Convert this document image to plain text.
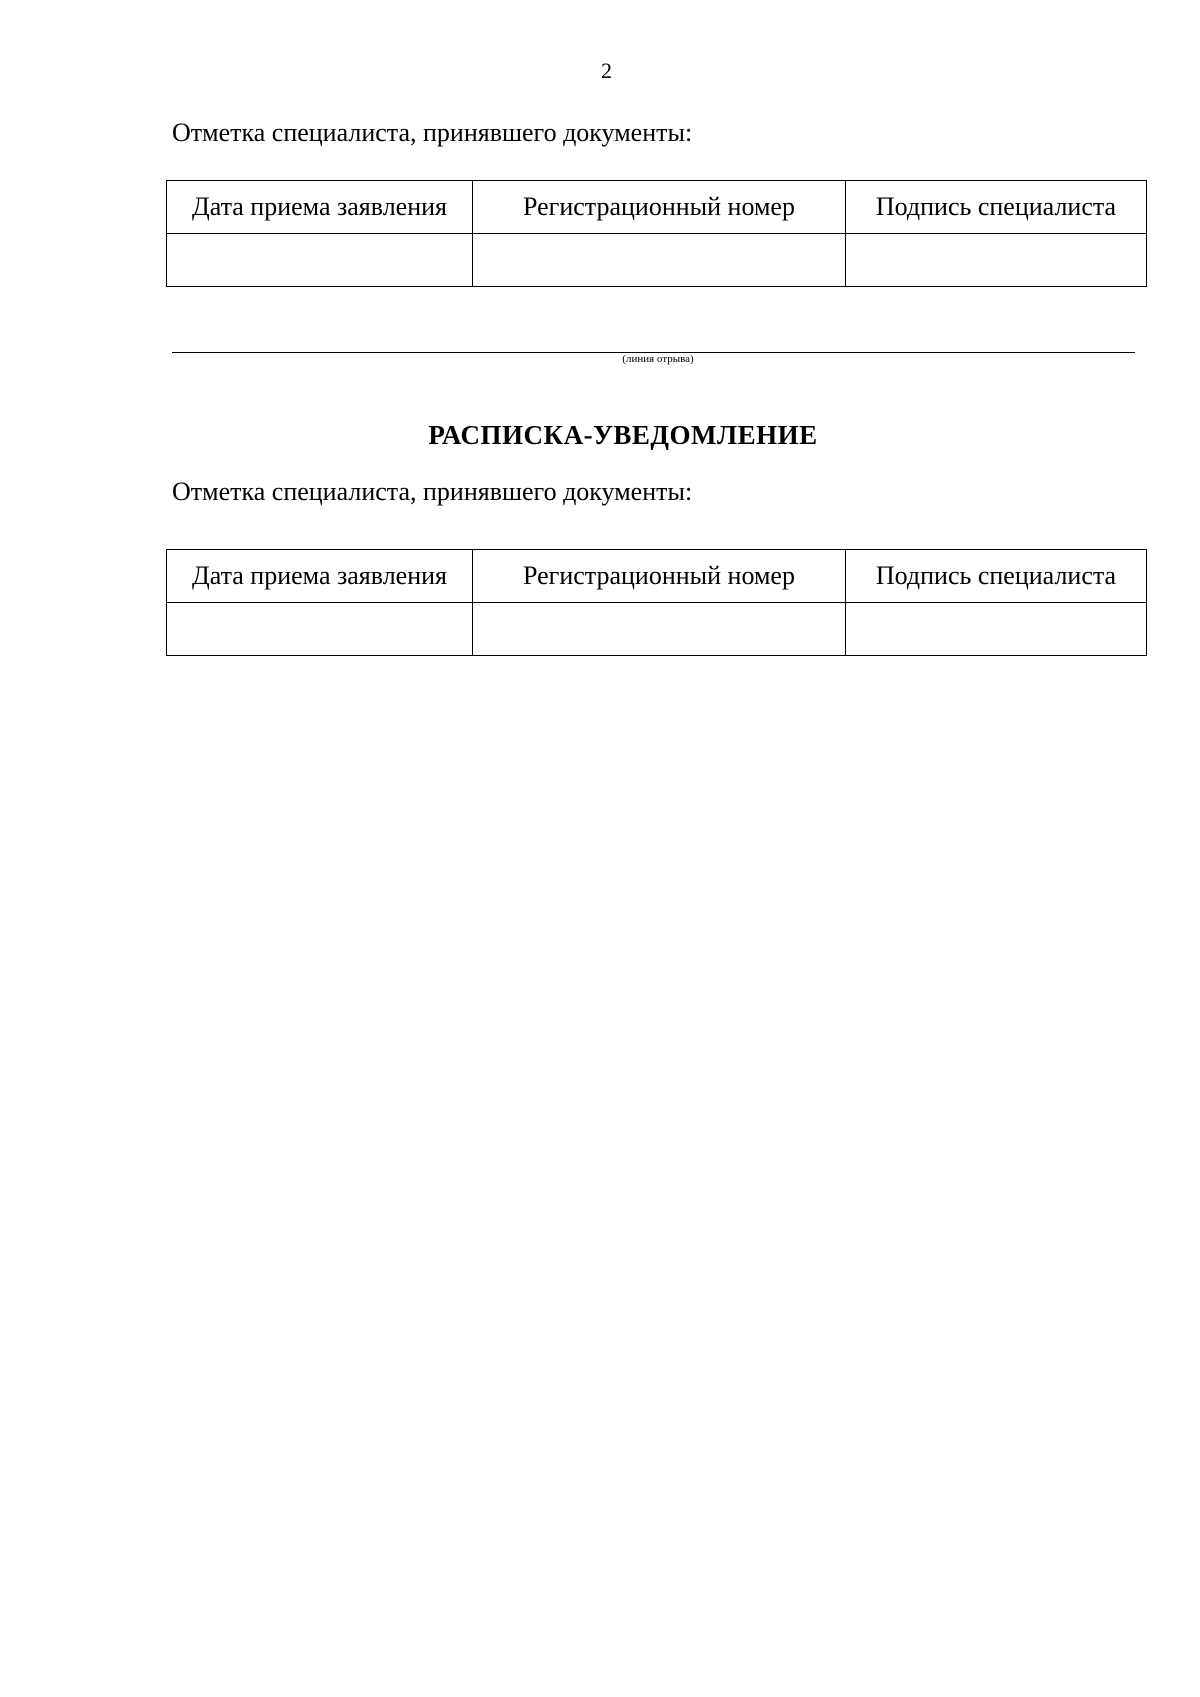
2
Отметка специалиста, принявшего документы:
Дата приема заявления	Регистрационный номер	Подпись специалиста

(линия отрыва)
РАСПИСКА-УВЕДОМЛЕНИЕ
Отметка специалиста, принявшего документы:
Дата приема заявления	Регистрационный номер	Подпись специалиста
